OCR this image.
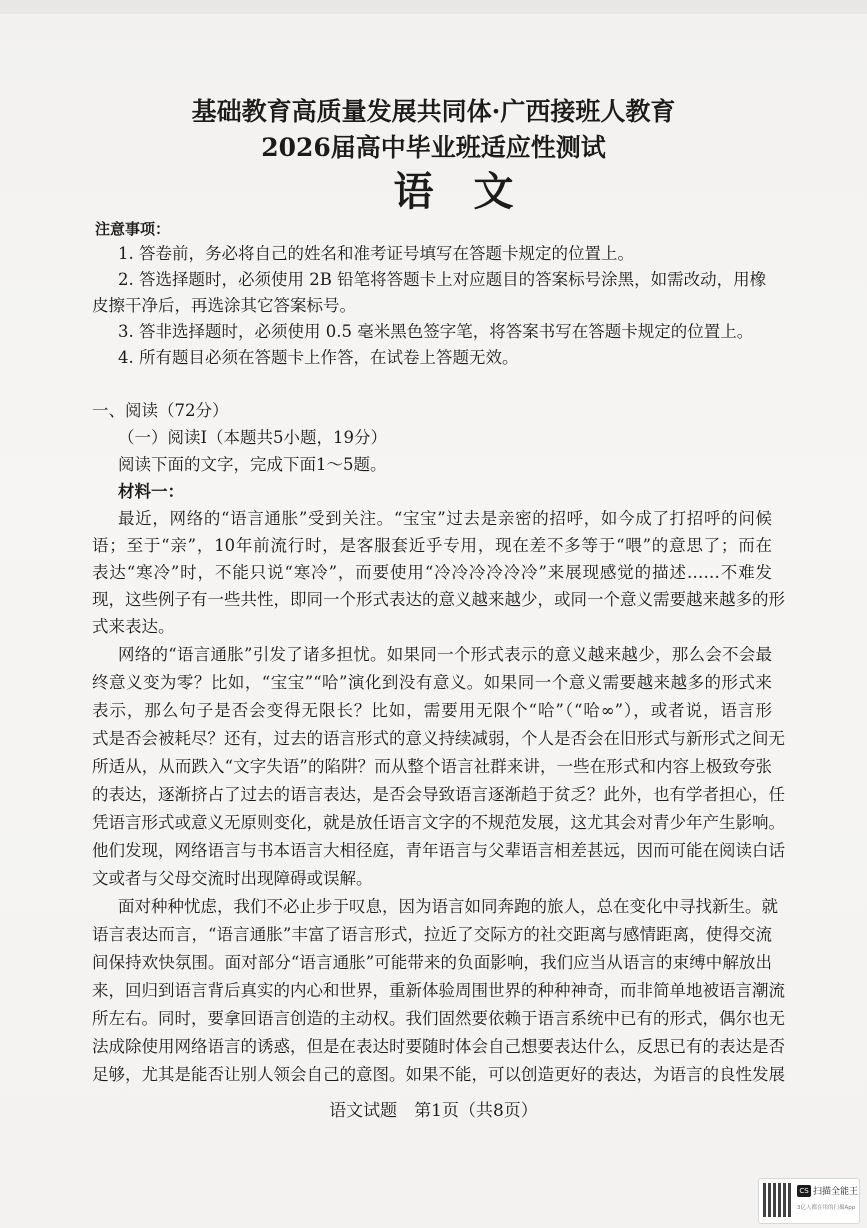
基础教育高质量发展共同体·广西接班人教育
2026届高中毕业班适应性测试
语文
注意事项：
1. 答卷前，务必将自己的姓名和准考证号填写在答题卡规定的位置上。
2. 答选择题时，必须使用 2B 铅笔将答题卡上对应题目的答案标号涂黑，如需改动，用橡
皮擦干净后，再选涂其它答案标号。
3. 答非选择题时，必须使用 0.5 毫米黑色签字笔，将答案书写在答题卡规定的位置上。
4. 所有题目必须在答题卡上作答，在试卷上答题无效。
一、阅读（72分）
（一）阅读Ⅰ（本题共5小题，19分）
阅读下面的文字，完成下面1～5题。
材料一：
最近，网络的“语言通胀”受到关注。“宝宝”过去是亲密的招呼，如今成了打招呼的问候
语；至于“亲”，10年前流行时，是客服套近乎专用，现在差不多等于“喂”的意思了；而在
表达“寒冷”时，不能只说“寒冷”，而要使用“冷冷冷冷冷冷”来展现感觉的描述……不难发
现，这些例子有一些共性，即同一个形式表达的意义越来越少，或同一个意义需要越来越多的形
式来表达。
网络的“语言通胀”引发了诸多担忧。如果同一个形式表示的意义越来越少，那么会不会最
终意义变为零？比如，“宝宝”“哈”演化到没有意义。如果同一个意义需要越来越多的形式来
表示，那么句子是否会变得无限长？比如，需要用无限个“哈”（“哈∞”），或者说，语言形
式是否会被耗尽？还有，过去的语言形式的意义持续减弱，个人是否会在旧形式与新形式之间无
所适从，从而跌入“文字失语”的陷阱？而从整个语言社群来讲，一些在形式和内容上极致夸张
的表达，逐渐挤占了过去的语言表达，是否会导致语言逐渐趋于贫乏？此外，也有学者担心，任
凭语言形式或意义无原则变化，就是放任语言文字的不规范发展，这尤其会对青少年产生影响。
他们发现，网络语言与书本语言大相径庭，青年语言与父辈语言相差甚远，因而可能在阅读白话
文或者与父母交流时出现障碍或误解。
面对种种忧虑，我们不必止步于叹息，因为语言如同奔跑的旅人，总在变化中寻找新生。就
语言表达而言，“语言通胀”丰富了语言形式，拉近了交际方的社交距离与感情距离，使得交流
间保持欢快氛围。面对部分“语言通胀”可能带来的负面影响，我们应当从语言的束缚中解放出
来，回归到语言背后真实的内心和世界，重新体验周围世界的种种神奇，而非简单地被语言潮流
所左右。同时，要拿回语言创造的主动权。我们固然要依赖于语言系统中已有的形式，偶尔也无
法成除使用网络语言的诱惑，但是在表达时要随时体会自己想要表达什么，反思已有的表达是否
足够，尤其是能否让别人领会自己的意图。如果不能，可以创造更好的表达，为语言的良性发展
语文试题　第1页（共8页）
CS 扫描全能王
3亿人都在用的扫描App
